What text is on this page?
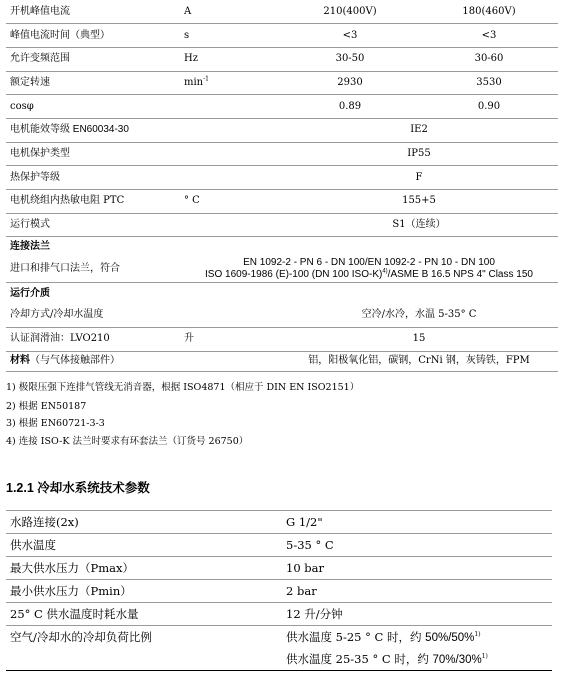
开机峰值电流	A	210(400V)	180(460V)
峰值电流时间（典型）	s	<3	<3
允许变频范围	Hz	30-50	30-60
额定转速	$\min^{-1}$	2930	3530
cosφ		0.89	0.90
电机能效等级 EN60034-30		IE2	
电机保护类型		IP55	
热保护等级		F	
电机绕组内热敏电阻 PTC	° C	155+5	
运行模式		S1（连续）	
连接法兰			
进口和排气口法兰，符合	EN 1092-2 - PN 6 - DN 100/EN 1092-2 - PN 10 - DN 100
ISO 1609-1986 (E)-100 (DN 100 ISO-K)$^{4)}$/ASME B 16.5 NPS 4" Class 150		

运行介质			
冷却方式/冷却水温度		空冷/水冷，水温 5-35° C	
认证润滑油：LVO210	升	15	
材料（与气体接触部件）		铝，阳极氧化铝，碳钢，CrNi 钢，灰铸铁，FPM	
1) 极限压强下连排气管线无消音器，根据 ISO4871（相应于 DIN EN ISO2151）
2) 根据 EN50187
3) 根据 EN60721-3-3
4) 连接 ISO-K 法兰时要求有环套法兰（订货号 26750）
1.2.1 冷却水系统技术参数
水路连接(2x)	G 1/2"
供水温度	5-35 ° C
最大供水压力（Pmax）	10 bar
最小供水压力（Pmin）	2 bar
25° C 供水温度时耗水量	12 升/分钟
空气/冷却水的冷却负荷比例	供水温度 5-25 ° C 时，约 50%/50%$^{1)}$
	供水温度 25-35 ° C 时，约 70%/30%$^{1)}$
